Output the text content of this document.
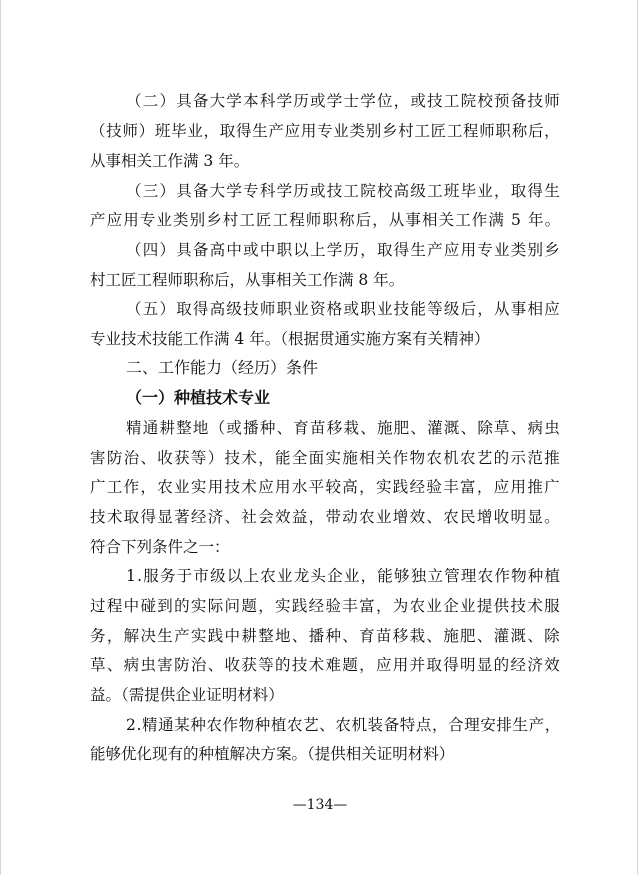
（二）具备大学本科学历或学士学位，或技工院校预备技师
（技师）班毕业，取得生产应用专业类别乡村工匠工程师职称后，
从事相关工作满 3 年。
（三）具备大学专科学历或技工院校高级工班毕业，取得生
产应用专业类别乡村工匠工程师职称后，从事相关工作满 5 年。
（四）具备高中或中职以上学历，取得生产应用专业类别乡
村工匠工程师职称后，从事相关工作满 8 年。
（五）取得高级技师职业资格或职业技能等级后，从事相应
专业技术技能工作满 4 年。（根据贯通实施方案有关精神）
二、工作能力（经历）条件
（一）种植技术专业
精通耕整地（或播种、育苗移栽、施肥、灌溉、除草、病虫
害防治、收获等）技术，能全面实施相关作物农机农艺的示范推
广工作，农业实用技术应用水平较高，实践经验丰富，应用推广
技术取得显著经济、社会效益，带动农业增效、农民增收明显。
符合下列条件之一：
1.服务于市级以上农业龙头企业，能够独立管理农作物种植
过程中碰到的实际问题，实践经验丰富，为农业企业提供技术服
务，解决生产实践中耕整地、播种、育苗移栽、施肥、灌溉、除
草、病虫害防治、收获等的技术难题，应用并取得明显的经济效
益。（需提供企业证明材料）
2.精通某种农作物种植农艺、农机装备特点，合理安排生产，
能够优化现有的种植解决方案。（提供相关证明材料）
—134—
